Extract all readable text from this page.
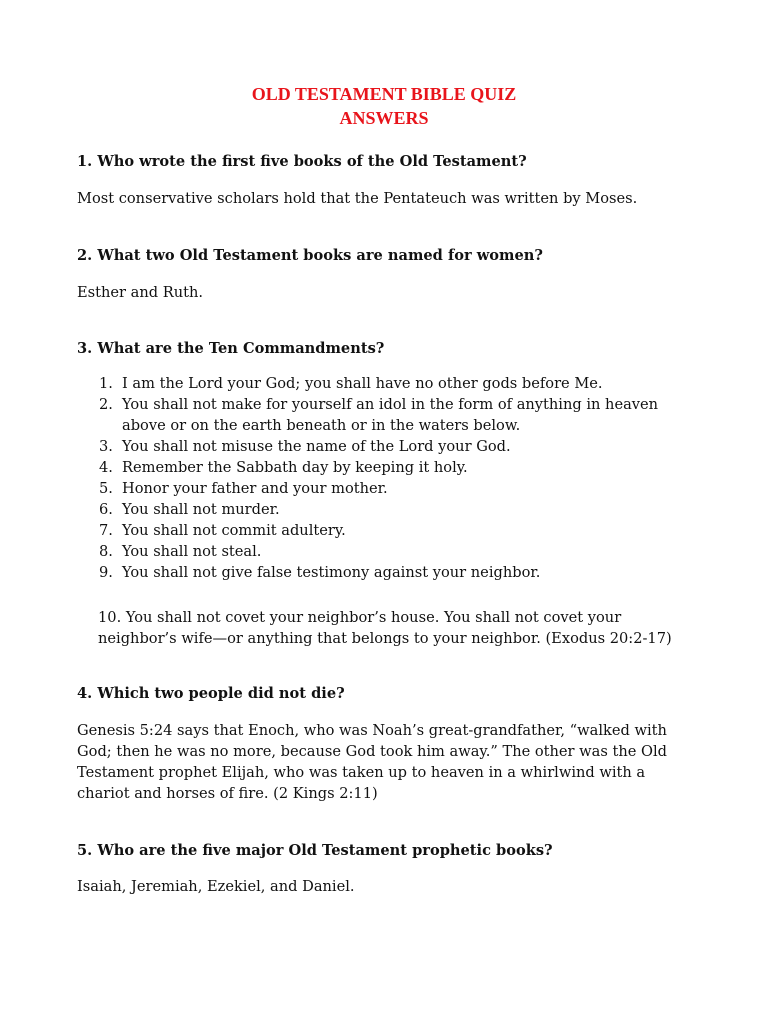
OLD TESTAMENT BIBLE QUIZ
ANSWERS
1. Who wrote the first five books of the Old Testament?
Most conservative scholars hold that the Pentateuch was written by Moses.
2. What two Old Testament books are named for women?
Esther and Ruth.
3. What are the Ten Commandments?
1. I am the Lord your God; you shall have no other gods before Me.
2. You shall not make for yourself an idol in the form of anything in heaven above or on the earth beneath or in the waters below.
3. You shall not misuse the name of the Lord your God.
4. Remember the Sabbath day by keeping it holy.
5. Honor your father and your mother.
6. You shall not murder.
7. You shall not commit adultery.
8. You shall not steal.
9. You shall not give false testimony against your neighbor.
10. You shall not covet your neighbor’s house. You shall not covet your neighbor’s wife—or anything that belongs to your neighbor. (Exodus 20:2-17)
4. Which two people did not die?
Genesis 5:24 says that Enoch, who was Noah’s great-grandfather, “walked with God; then he was no more, because God took him away.” The other was the Old Testament prophet Elijah, who was taken up to heaven in a whirlwind with a chariot and horses of fire. (2 Kings 2:11)
5. Who are the five major Old Testament prophetic books?
Isaiah, Jeremiah, Ezekiel, and Daniel.
